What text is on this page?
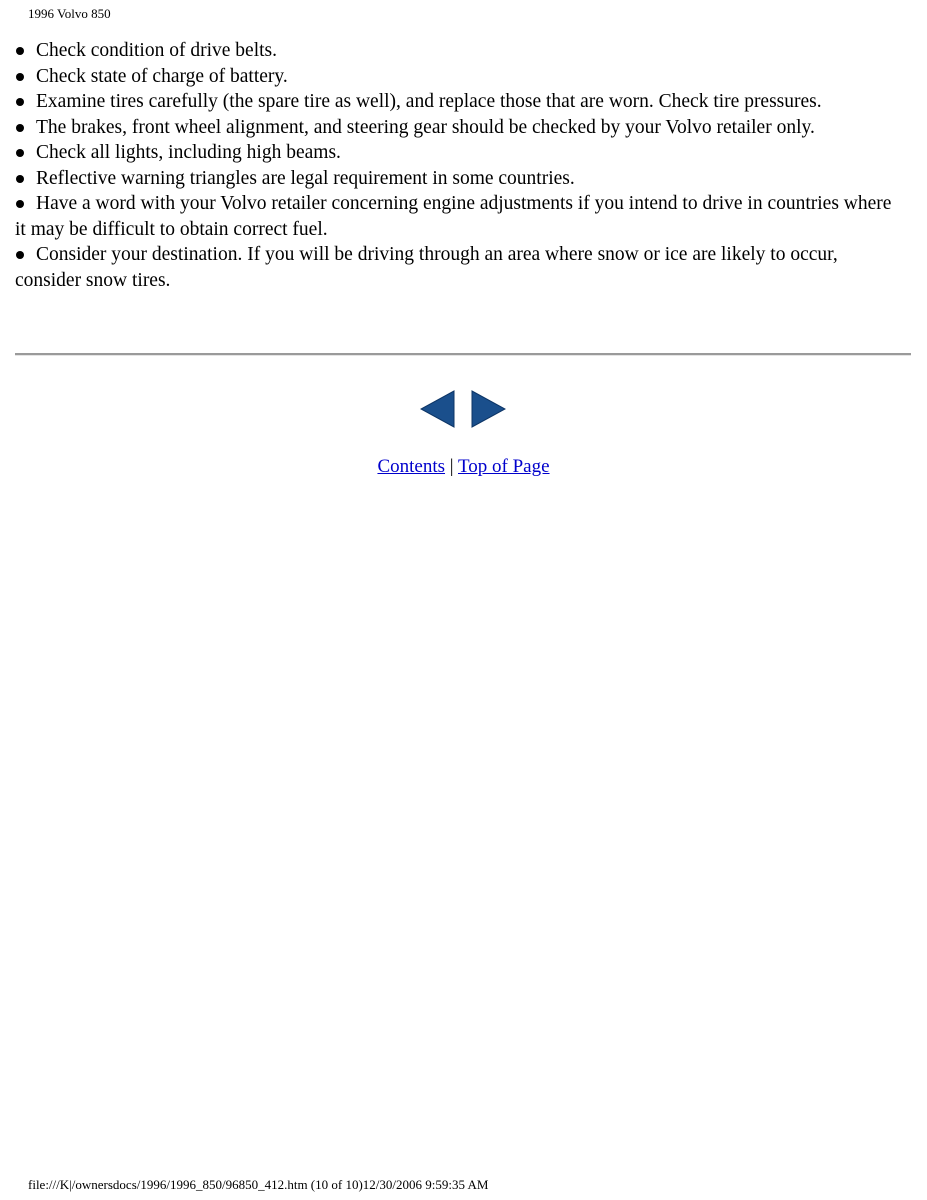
1996 Volvo 850
Check condition of drive belts.
Check state of charge of battery.
Examine tires carefully (the spare tire as well), and replace those that are worn. Check tire pressures.
The brakes, front wheel alignment, and steering gear should be checked by your Volvo retailer only.
Check all lights, including high beams.
Reflective warning triangles are legal requirement in some countries.
Have a word with your Volvo retailer concerning engine adjustments if you intend to drive in countries where it may be difficult to obtain correct fuel.
Consider your destination. If you will be driving through an area where snow or ice are likely to occur, consider snow tires.
Contents | Top of Page
file:///K|/ownersdocs/1996/1996_850/96850_412.htm (10 of 10)12/30/2006 9:59:35 AM
